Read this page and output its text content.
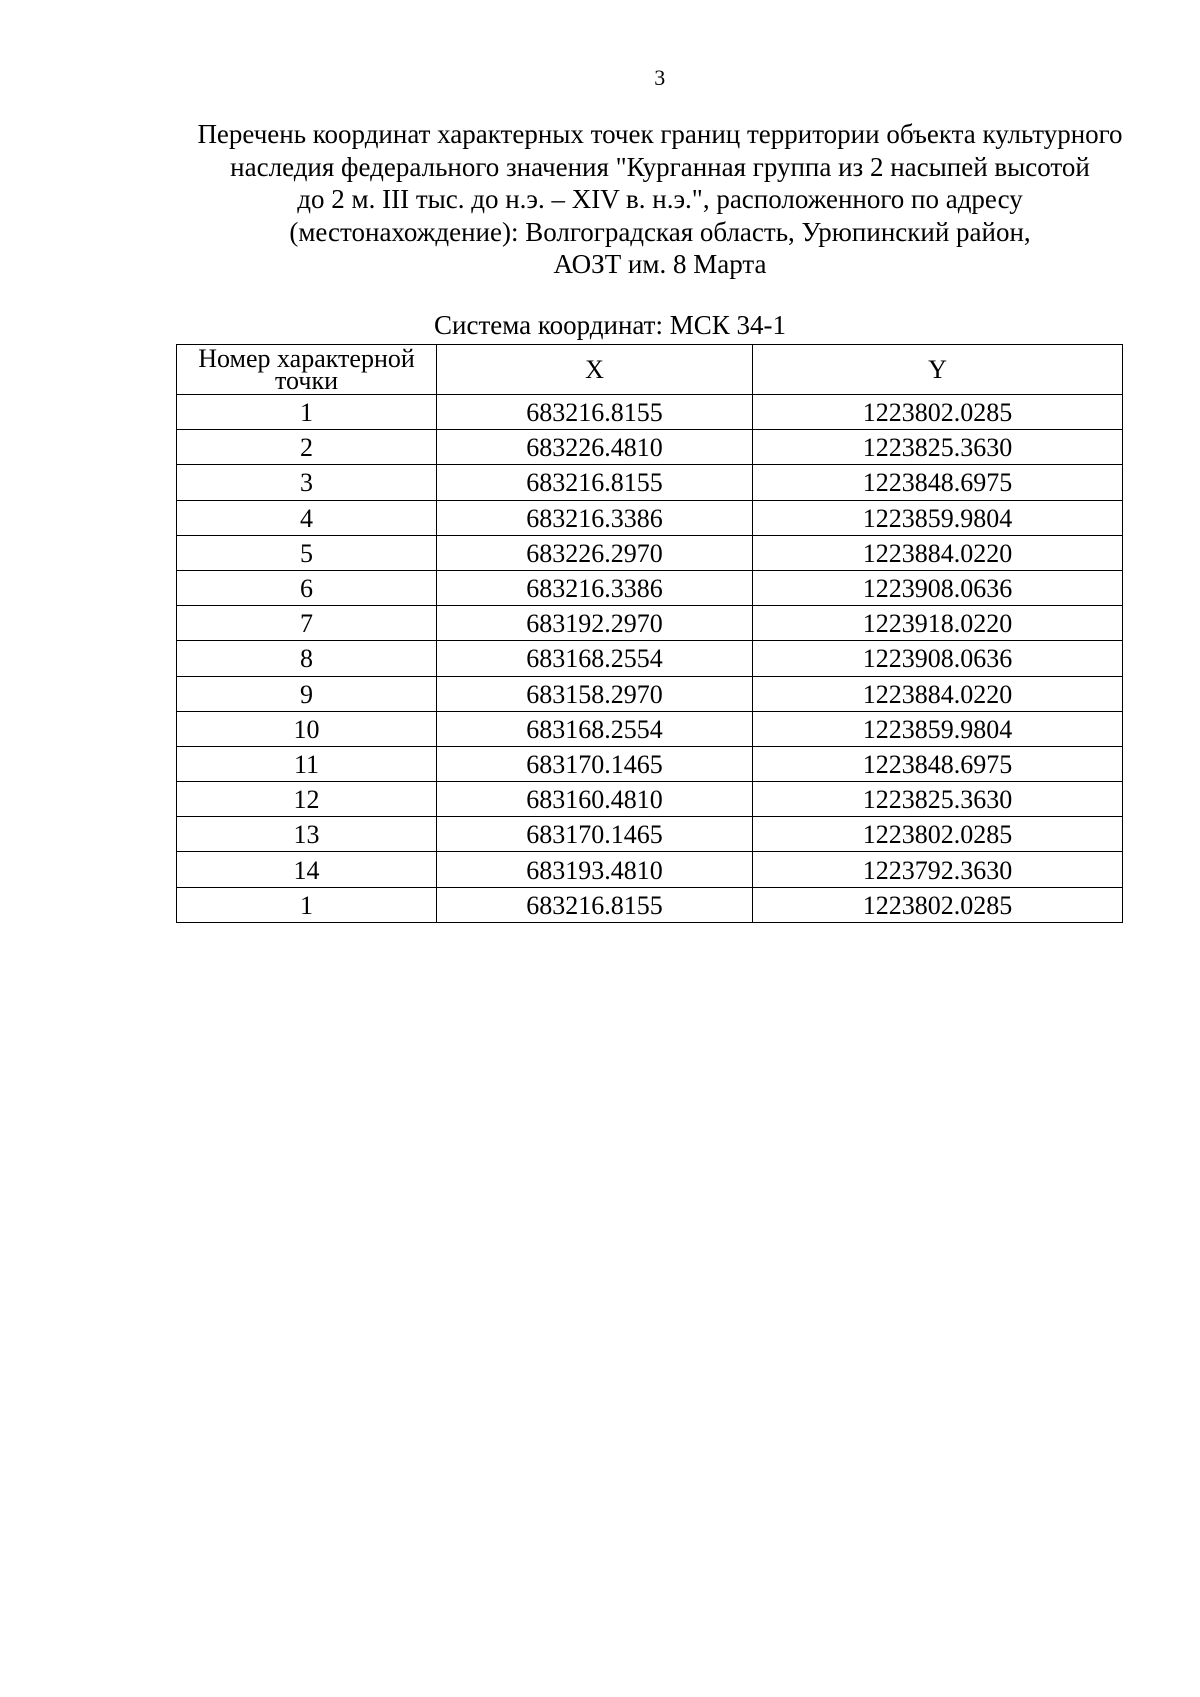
3
Перечень координат характерных точек границ территории объекта культурного
наследия федерального значения "Курганная группа из 2 насыпей высотой
до 2 м. III тыс. до н.э. – XIV в. н.э.", расположенного по адресу
(местонахождение): Волгоградская область, Урюпинский район,
АОЗТ им. 8 Марта
Система координат: МСК 34-1
Номер характерной точки	X	Y
1	683216.8155	1223802.0285
2	683226.4810	1223825.3630
3	683216.8155	1223848.6975
4	683216.3386	1223859.9804
5	683226.2970	1223884.0220
6	683216.3386	1223908.0636
7	683192.2970	1223918.0220
8	683168.2554	1223908.0636
9	683158.2970	1223884.0220
10	683168.2554	1223859.9804
11	683170.1465	1223848.6975
12	683160.4810	1223825.3630
13	683170.1465	1223802.0285
14	683193.4810	1223792.3630
1	683216.8155	1223802.0285
